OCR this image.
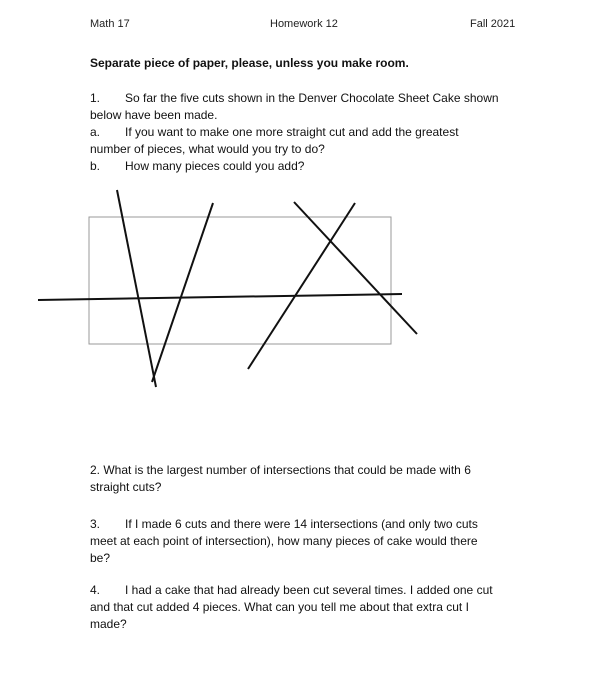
Math 17	Homework 12	Fall 2021
Separate piece of paper, please, unless you make room.

1. So far the five cuts shown in the Denver Chocolate Sheet Cake shown

below have been made.

a. If you want to make one more straight cut and add the greatest

number of pieces, what would you try to do?

b. How many pieces could you add?

2. What is the largest number of intersections that could be made with 6

straight cuts?

3. If I made 6 cuts and there were 14 intersections (and only two cuts

meet at each point of intersection), how many pieces of cake would there

be?

4. I had a cake that had already been cut several times. I added one cut

and that cut added 4 pieces. What can you tell me about that extra cut I

made?
